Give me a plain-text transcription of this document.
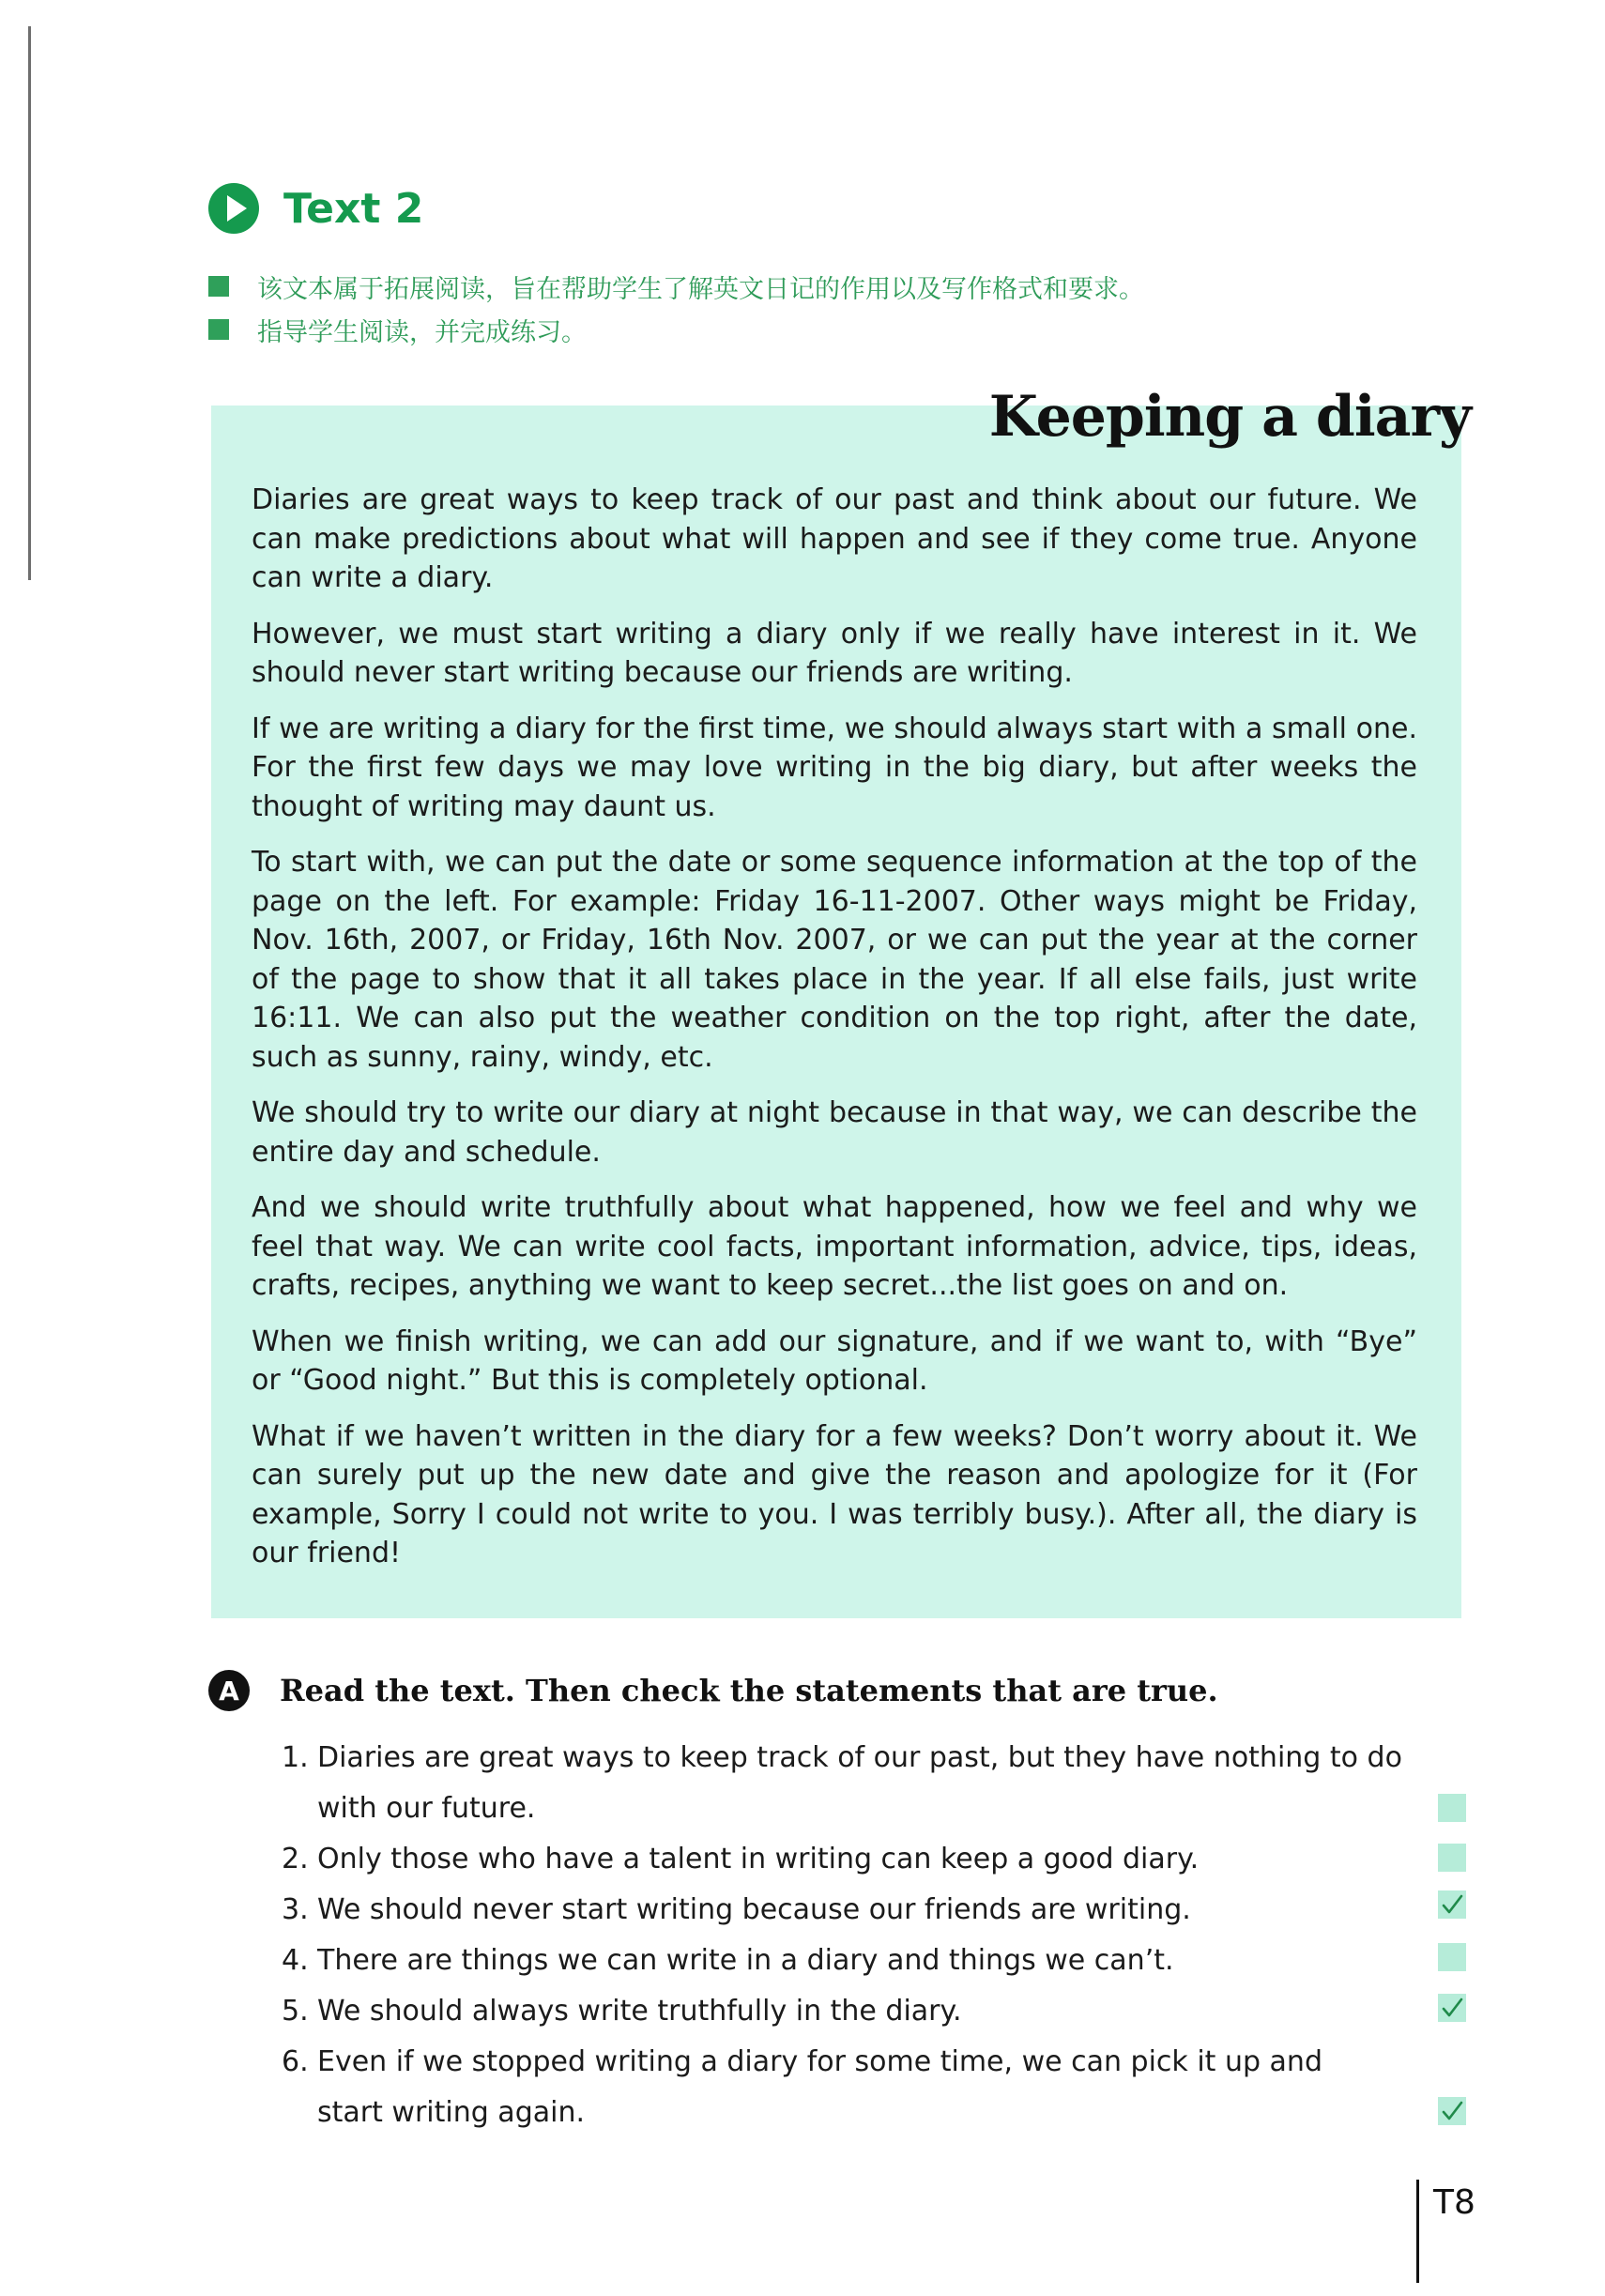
Text 2
该文本属于拓展阅读，旨在帮助学生了解英文日记的作用以及写作格式和要求。
指导学生阅读，并完成练习。
Keeping a diary

Diaries are great ways to keep track of our past and think about our future. We can make predictions about what will happen and see if they come true. Anyone can write a diary.

However, we must start writing a diary only if we really have interest in it. We should never start writing because our friends are writing.

If we are writing a diary for the first time, we should always start with a small one. For the first few days we may love writing in the big diary, but after weeks the thought of writing may daunt us.

To start with, we can put the date or some sequence information at the top of the page on the left. For example: Friday 16-11-2007. Other ways might be Friday, Nov. 16th, 2007, or Friday, 16th Nov. 2007, or we can put the year at the corner of the page to show that it all takes place in the year. If all else fails, just write 16:11. We can also put the weather condition on the top right, after the date, such as sunny, rainy, windy, etc.

We should try to write our diary at night because in that way, we can describe the entire day and schedule.

And we should write truthfully about what happened, how we feel and why we feel that way. We can write cool facts, important information, advice, tips, ideas, crafts, recipes, anything we want to keep secret...the list goes on and on.

When we finish writing, we can add our signature, and if we want to, with “Bye” or “Good night.” But this is completely optional.

What if we haven’t written in the diary for a few weeks? Don’t worry about it. We can surely put up the new date and give the reason and apologize for it (For example, Sorry I could not write to you. I was terribly busy.). After all, the diary is our friend!

A	Read the text. Then check the statements that are true.
1. Diaries are great ways to keep track of our past, but they have nothing to do
with our future.
2. Only those who have a talent in writing can keep a good diary.
3. We should never start writing because our friends are writing.
4. There are things we can write in a diary and things we can’t.
5. We should always write truthfully in the diary.
6. Even if we stopped writing a diary for some time, we can pick it up and
start writing again.
T8
